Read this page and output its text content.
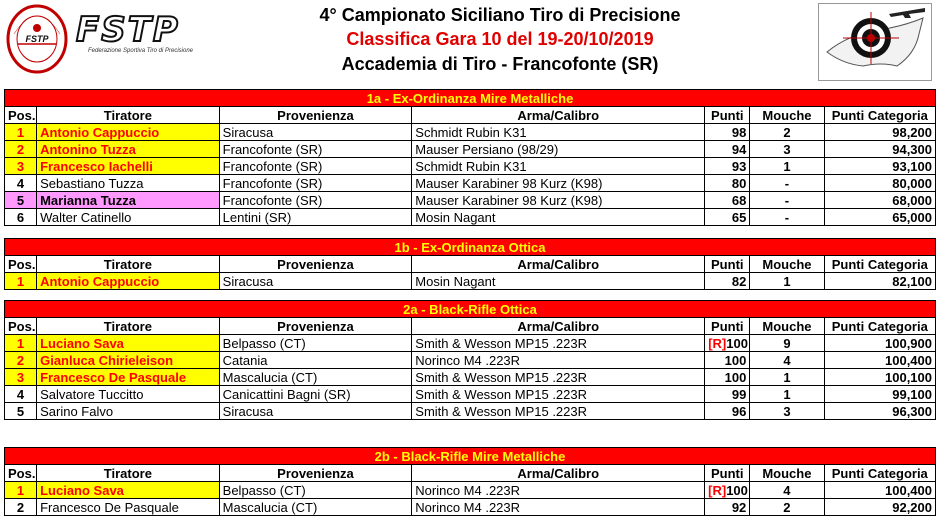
FSTP FSTP
Federazione Sportiva Tiro di Precisione
4° Campionato Siciliano Tiro di Precisione
Classifica Gara 10 del 19-20/10/2019
Accademia di Tiro - Francofonte (SR)
1a - Ex-Ordinanza Mire Metalliche						
Pos.	Tiratore	Provenienza	Arma/Calibro	Punti	Mouche	Punti Categoria
1	Antonio Cappuccio	Siracusa	Schmidt Rubin K31	98	2	98,200
2	Antonino Tuzza	Francofonte (SR)	Mauser Persiano (98/29)	94	3	94,300
3	Francesco Iachelli	Francofonte (SR)	Schmidt Rubin K31	93	1	93,100
4	Sebastiano Tuzza	Francofonte (SR)	Mauser Karabiner 98 Kurz (K98)	80	-	80,000
5	Marianna Tuzza	Francofonte (SR)	Mauser Karabiner 98 Kurz (K98)	68	-	68,000
6	Walter Catinello	Lentini (SR)	Mosin Nagant	65	-	65,000
1b - Ex-Ordinanza Ottica						
Pos.	Tiratore	Provenienza	Arma/Calibro	Punti	Mouche	Punti Categoria
1	Antonio Cappuccio	Siracusa	Mosin Nagant	82	1	82,100
2a - Black-Rifle Ottica						
Pos.	Tiratore	Provenienza	Arma/Calibro	Punti	Mouche	Punti Categoria
1	Luciano Sava	Belpasso (CT)	Smith & Wesson MP15 .223R	[R] 100	9	100,900
2	Gianluca Chirieleison	Catania	Norinco M4 .223R	100	4	100,400
3	Francesco De Pasquale	Mascalucia (CT)	Smith & Wesson MP15 .223R	100	1	100,100
4	Salvatore Tuccitto	Canicattini Bagni (SR)	Smith & Wesson MP15 .223R	99	1	99,100
5	Sarino Falvo	Siracusa	Smith & Wesson MP15 .223R	96	3	96,300
2b - Black-Rifle Mire Metalliche						
Pos.	Tiratore	Provenienza	Arma/Calibro	Punti	Mouche	Punti Categoria
1	Luciano Sava	Belpasso (CT)	Norinco M4 .223R	[R] 100	4	100,400
2	Francesco De Pasquale	Mascalucia (CT)	Norinco M4 .223R	92	2	92,200
